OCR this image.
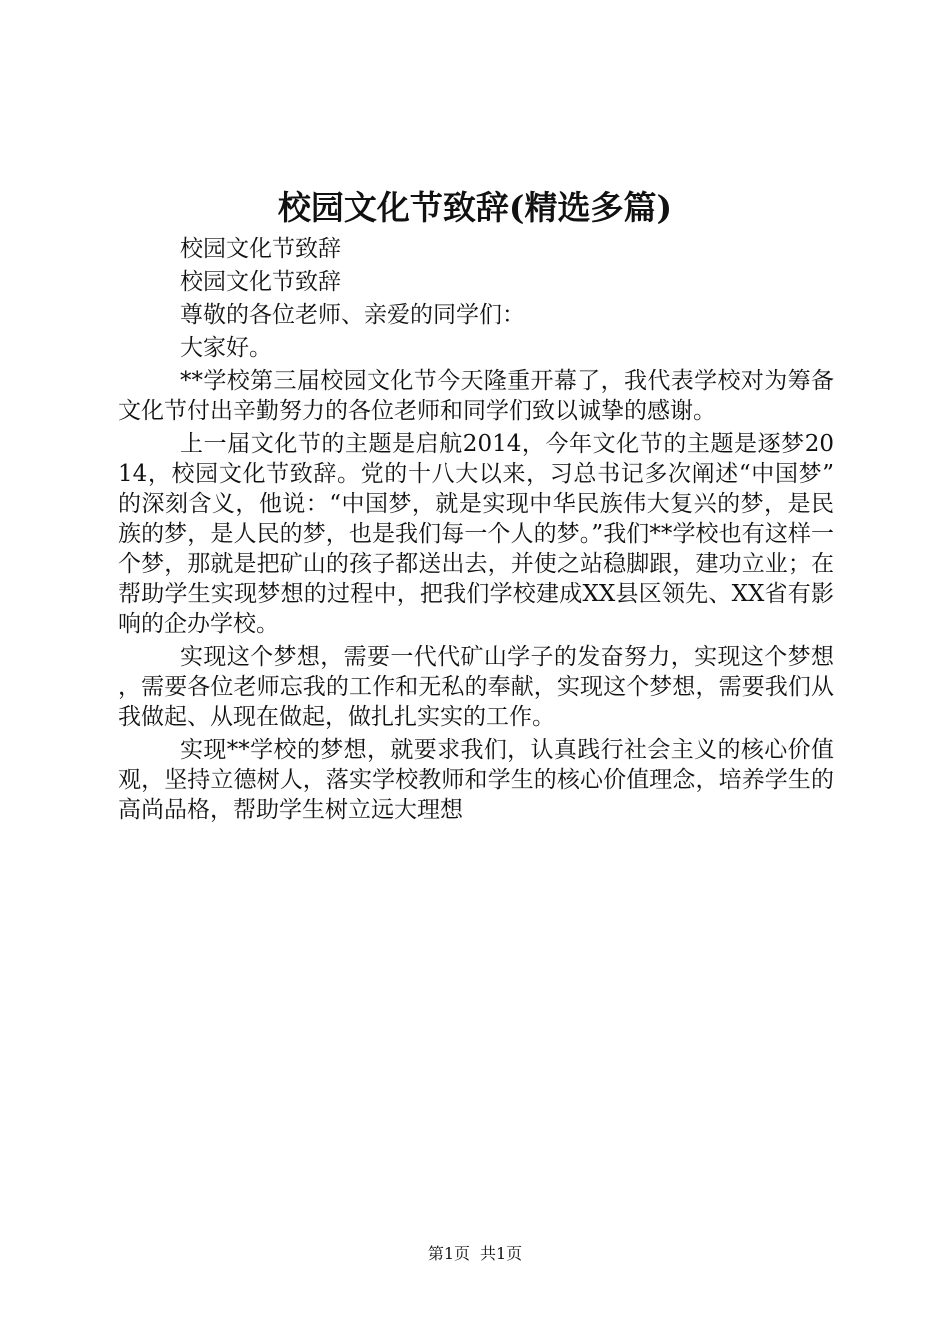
校园文化节致辞(精选多篇)

校园文化节致辞

校园文化节致辞

尊敬的各位老师、亲爱的同学们：

大家好。

**学校第三届校园文化节今天隆重开幕了，我代表学校对为筹备文化节付出辛勤努力的各位老师和同学们致以诚挚的感谢。

上一届文化节的主题是启航2014，今年文化节的主题是逐梦2014，校园文化节致辞。党的十八大以来，习总书记多次阐述“中国梦”的深刻含义，他说：“中国梦，就是实现中华民族伟大复兴的梦，是民族的梦，是人民的梦，也是我们每一个人的梦。”我们**学校也有这样一个梦，那就是把矿山的孩子都送出去，并使之站稳脚跟，建功立业；在帮助学生实现梦想的过程中，把我们学校建成XX县区领先、XX省有影响的企办学校。

实现这个梦想，需要一代代矿山学子的发奋努力，实现这个梦想，需要各位老师忘我的工作和无私的奉献，实现这个梦想，需要我们从我做起、从现在做起，做扎扎实实的工作。

实现**学校的梦想，就要求我们，认真践行社会主义的核心价值观，坚持立德树人，落实学校教师和学生的核心价值理念，培养学生的高尚品格，帮助学生树立远大理想

第1页 共1页
